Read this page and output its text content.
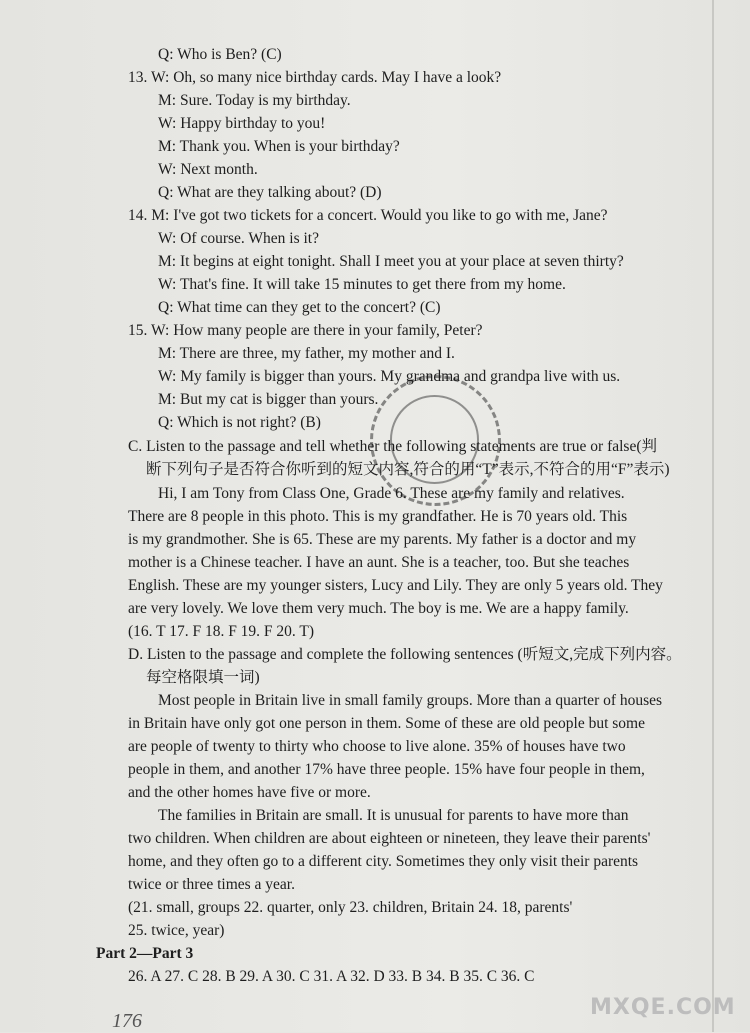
Q: Who is Ben? (C)
13. W: Oh, so many nice birthday cards. May I have a look?
M: Sure. Today is my birthday.
W: Happy birthday to you!
M: Thank you. When is your birthday?
W: Next month.
Q: What are they talking about? (D)
14. M: I've got two tickets for a concert. Would you like to go with me, Jane?
W: Of course. When is it?
M: It begins at eight tonight. Shall I meet you at your place at seven thirty?
W: That's fine. It will take 15 minutes to get there from my home.
Q: What time can they get to the concert? (C)
15. W: How many people are there in your family, Peter?
M: There are three, my father, my mother and I.
W: My family is bigger than yours. My grandma and grandpa live with us.
M: But my cat is bigger than yours.
Q: Which is not right? (B)
C. Listen to the passage and tell whether the following statements are true or false(判
断下列句子是否符合你听到的短文内容,符合的用“T”表示,不符合的用“F”表示)
Hi, I am Tony from Class One, Grade 6. These are my family and relatives.
There are 8 people in this photo. This is my grandfather. He is 70 years old. This
is my grandmother. She is 65. These are my parents. My father is a doctor and my
mother is a Chinese teacher. I have an aunt. She is a teacher, too. But she teaches
English. These are my younger sisters, Lucy and Lily. They are only 5 years old. They
are very lovely. We love them very much. The boy is me. We are a happy family.
(16. T 17. F 18. F 19. F 20. T)
D. Listen to the passage and complete the following sentences (听短文,完成下列内容。
每空格限填一词)
Most people in Britain live in small family groups. More than a quarter of houses
in Britain have only got one person in them. Some of these are old people but some
are people of twenty to thirty who choose to live alone. 35% of houses have two
people in them, and another 17% have three people. 15% have four people in them,
and the other homes have five or more.
The families in Britain are small. It is unusual for parents to have more than
two children. When children are about eighteen or nineteen, they leave their parents'
home, and they often go to a different city. Sometimes they only visit their parents
twice or three times a year.
(21. small, groups 22. quarter, only 23. children, Britain 24. 18, parents'
25. twice, year)
Part 2—Part 3
26. A 27. C 28. B 29. A 30. C 31. A 32. D 33. B 34. B 35. C 36. C
176
MXQE.COM
